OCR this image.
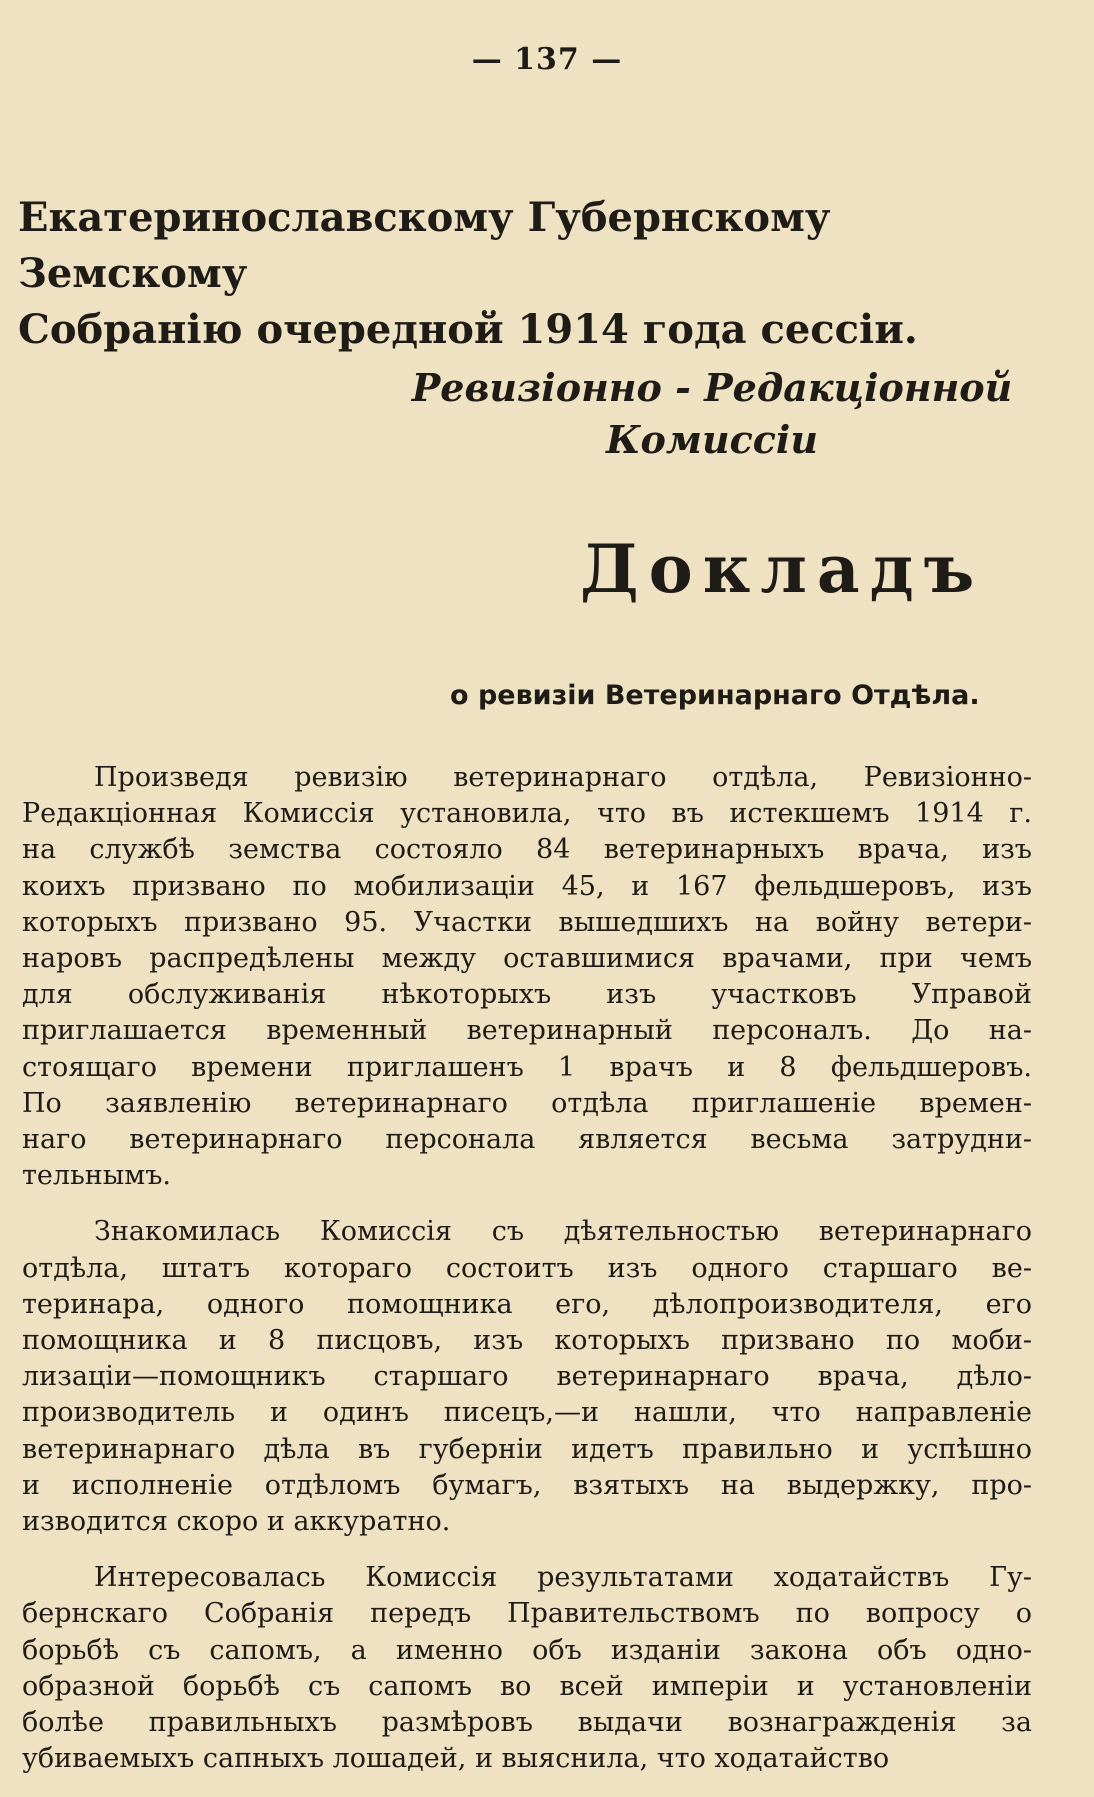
— 137 —
Екатеринославскому Губернскому Земскому
Собранію очередной 1914 года сессіи.
Ревизіонно - Редакціонной
Комиссіи
Докладъ
о ревизіи Ветеринарнаго Отдѣла.
Произведя ревизію ветеринарнаго отдѣла, Ревизіонно-
Редакціонная Комиссія установила, что въ истекшемъ 1914 г.
на службѣ земства состояло 84 ветеринарныхъ врача, изъ
коихъ призвано по мобилизаціи 45, и 167 фельдшеровъ, изъ
которыхъ призвано 95. Участки вышедшихъ на войну ветери-
наровъ распредѣлены между оставшимися врачами, при чемъ
для обслуживанія нѣкоторыхъ изъ участковъ Управой
приглашается временный ветеринарный персоналъ. До на-
стоящаго времени приглашенъ 1 врачъ и 8 фельдшеровъ.
По заявленію ветеринарнаго отдѣла приглашеніе времен-
наго ветеринарнаго персонала является весьма затрудни-
тельнымъ.
Знакомилась Комиссія съ дѣятельностью ветеринарнаго
отдѣла, штатъ котораго состоитъ изъ одного старшаго ве-
теринара, одного помощника его, дѣлопроизводителя, его
помощника и 8 писцовъ, изъ которыхъ призвано по моби-
лизаціи—помощникъ старшаго ветеринарнаго врача, дѣло-
производитель и одинъ писецъ,—и нашли, что направленіе
ветеринарнаго дѣла въ губерніи идетъ правильно и успѣшно
и исполненіе отдѣломъ бумагъ, взятыхъ на выдержку, про-
изводится скоро и аккуратно.
Интересовалась Комиссія результатами ходатайствъ Гу-
бернскаго Собранія передъ Правительствомъ по вопросу о
борьбѣ съ сапомъ, а именно объ изданіи закона объ одно-
образной борьбѣ съ сапомъ во всей имперіи и установленіи
болѣе правильныхъ размѣровъ выдачи вознагражденія за
убиваемыхъ сапныхъ лошадей, и выяснила, что ходатайство
